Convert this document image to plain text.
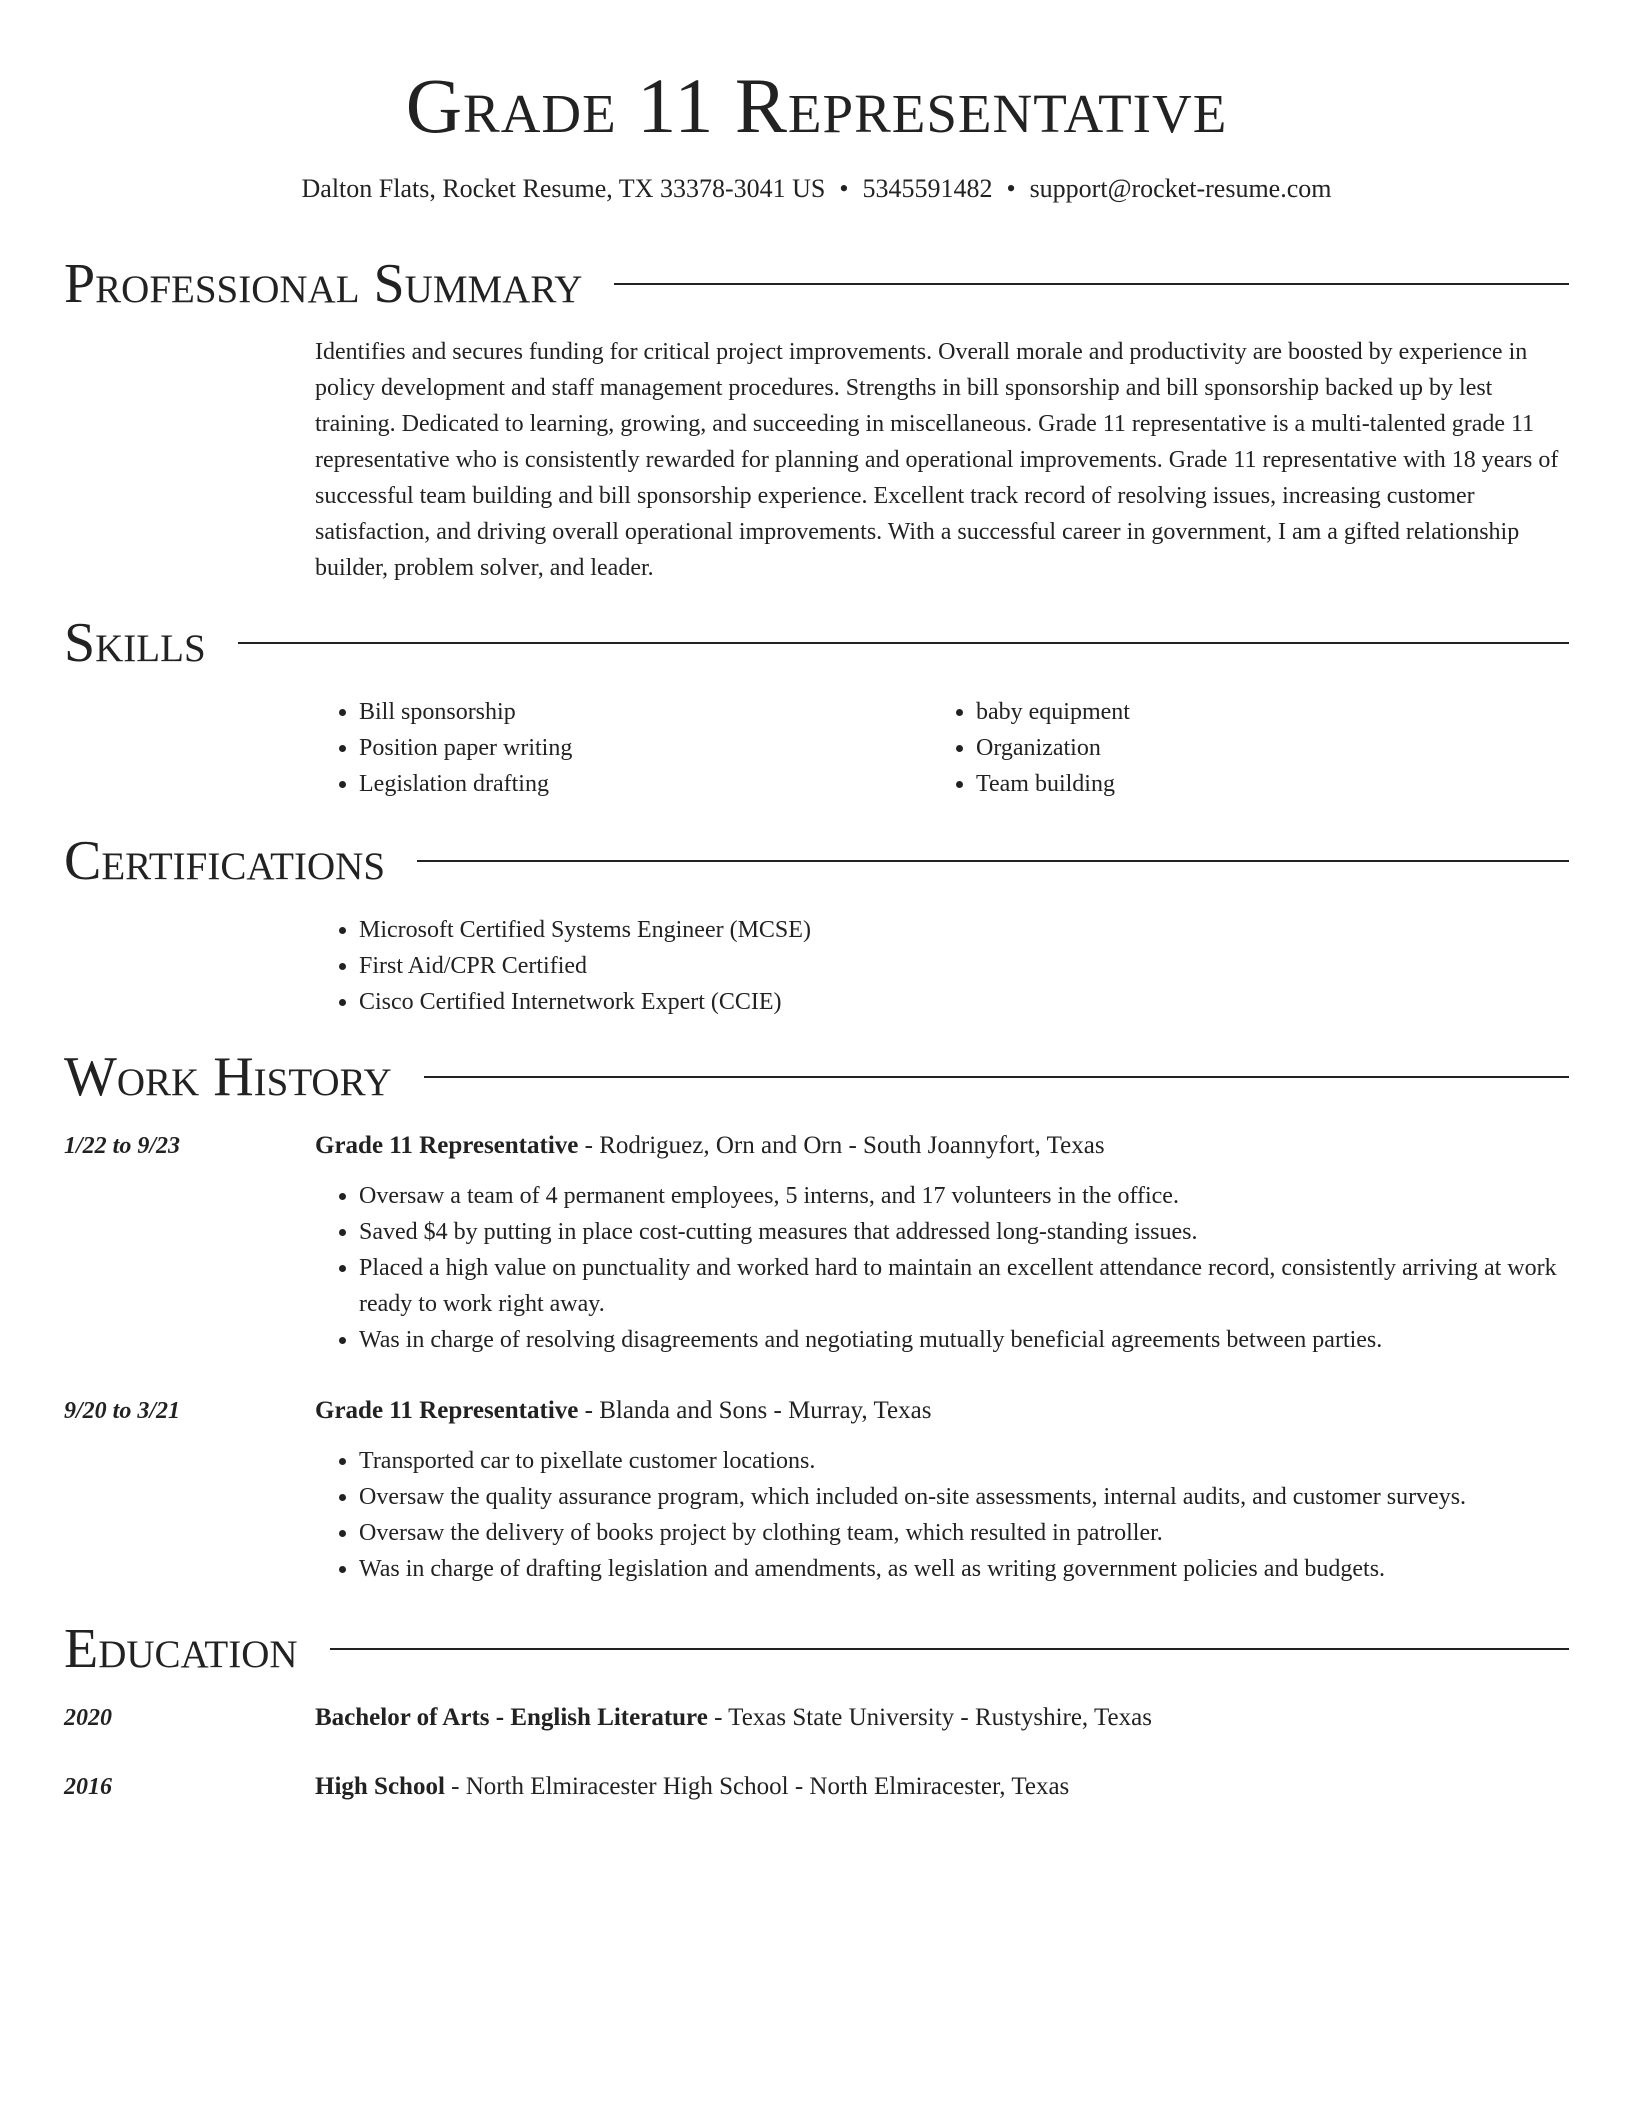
Grade 11 Representative
Dalton Flats, Rocket Resume, TX 33378-3041 US • 5345591482 • support@rocket-resume.com
Professional Summary

Identifies and secures funding for critical project improvements. Overall morale and productivity are boosted by experience in policy development and staff management procedures. Strengths in bill sponsorship and bill sponsorship backed up by lest training. Dedicated to learning, growing, and succeeding in miscellaneous. Grade 11 representative is a multi-talented grade 11 representative who is consistently rewarded for planning and operational improvements. Grade 11 representative with 18 years of successful team building and bill sponsorship experience. Excellent track record of resolving issues, increasing customer satisfaction, and driving overall operational improvements. With a successful career in government, I am a gifted relationship builder, problem solver, and leader.

Skills
• Bill sponsorship
• Position paper writing
• Legislation drafting
• baby equipment
• Organization
• Team building
Certifications
• Microsoft Certified Systems Engineer (MCSE)
• First Aid/CPR Certified
• Cisco Certified Internetwork Expert (CCIE)
Work History
1/22 to 9/23	Grade 11 Representative - Rodriguez, Orn and Orn - South Joannyfort, Texas
• Oversaw a team of 4 permanent employees, 5 interns, and 17 volunteers in the office.
• Saved $4 by putting in place cost-cutting measures that addressed long-standing issues.
• Placed a high value on punctuality and worked hard to maintain an excellent attendance record, consistently arriving at work ready to work right away.
• Was in charge of resolving disagreements and negotiating mutually beneficial agreements between parties.
9/20 to 3/21	Grade 11 Representative - Blanda and Sons - Murray, Texas
• Transported car to pixellate customer locations.
• Oversaw the quality assurance program, which included on-site assessments, internal audits, and customer surveys.
• Oversaw the delivery of books project by clothing team, which resulted in patroller.
• Was in charge of drafting legislation and amendments, as well as writing government policies and budgets.
Education
2020	Bachelor of Arts - English Literature - Texas State University - Rustyshire, Texas
2016	High School - North Elmiracester High School - North Elmiracester, Texas
